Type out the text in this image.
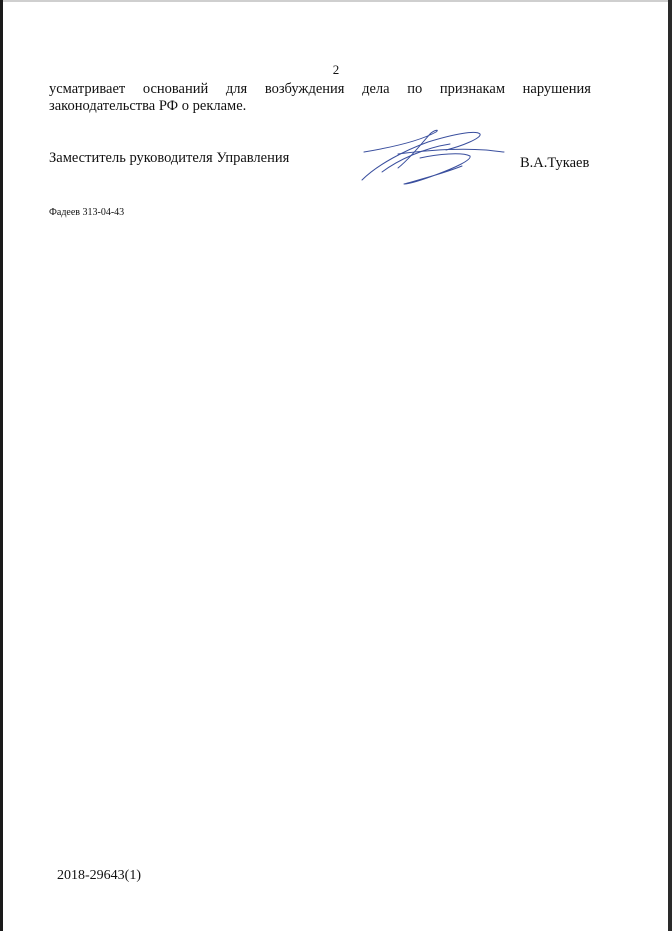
2
усматривает оснований для возбуждения дела по признакам нарушения
законодательства РФ о рекламе.
Заместитель руководителя Управления	В.А.Тукаев
Фадеев 313-04-43
2018-29643(1)
